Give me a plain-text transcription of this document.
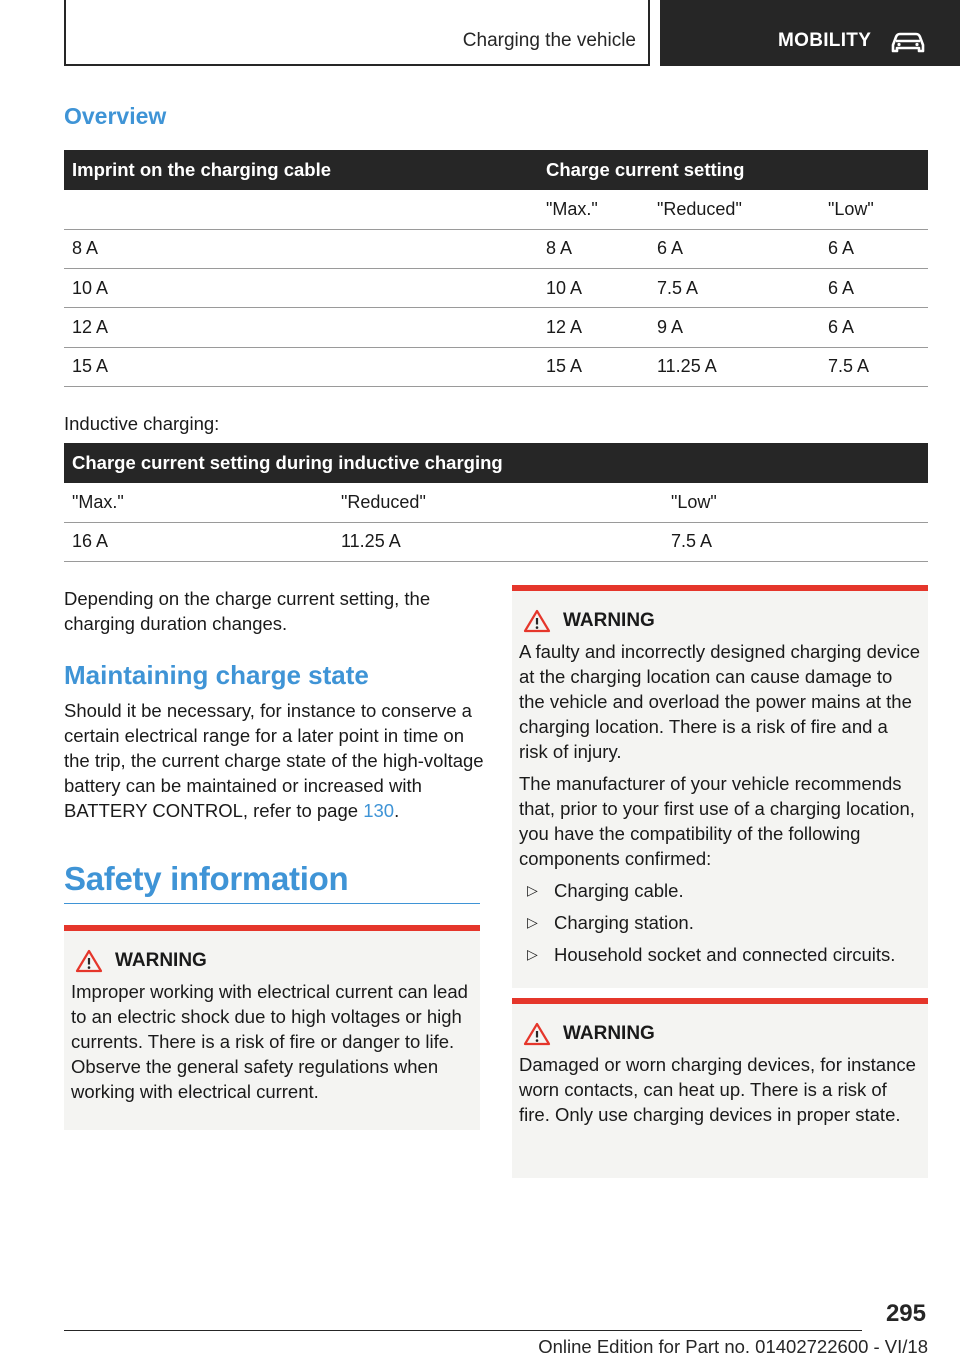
Charging the vehicle	MOBILITY
Overview
Imprint on the charging cable	Charge current setting		
	"Max."	"Reduced"	"Low"
8 A	8 A	6 A	6 A
10 A	10 A	7.5 A	6 A
12 A	12 A	9 A	6 A
15 A	15 A	11.25 A	7.5 A
Inductive charging:
Charge current setting during inductive charging		
"Max."	"Reduced"	"Low"
16 A	11.25 A	7.5 A
Depending on the charge current setting, the charging duration changes.
Maintaining charge state
Should it be necessary, for instance to conserve a certain electrical range for a later point in time on the trip, the current charge state of the high-voltage battery can be maintained or increased with BATTERY CONTROL, refer to page 130.
Safety information
WARNING
Improper working with electrical current can lead to an electric shock due to high voltages or high currents. There is a risk of fire or danger to life. Observe the general safety regulations when working with electrical current.
WARNING
A faulty and incorrectly designed charging device at the charging location can cause damage to the vehicle and overload the power mains at the charging location. There is a risk of fire and a risk of injury.
The manufacturer of your vehicle recommends that, prior to your first use of a charging location, you have the compatibility of the following components confirmed:
▷ Charging cable.
▷ Charging station.
▷ Household socket and connected circuits.
WARNING
Damaged or worn charging devices, for instance worn contacts, can heat up. There is a risk of fire. Only use charging devices in proper state.
295
Online Edition for Part no. 01402722600 - VI/18
